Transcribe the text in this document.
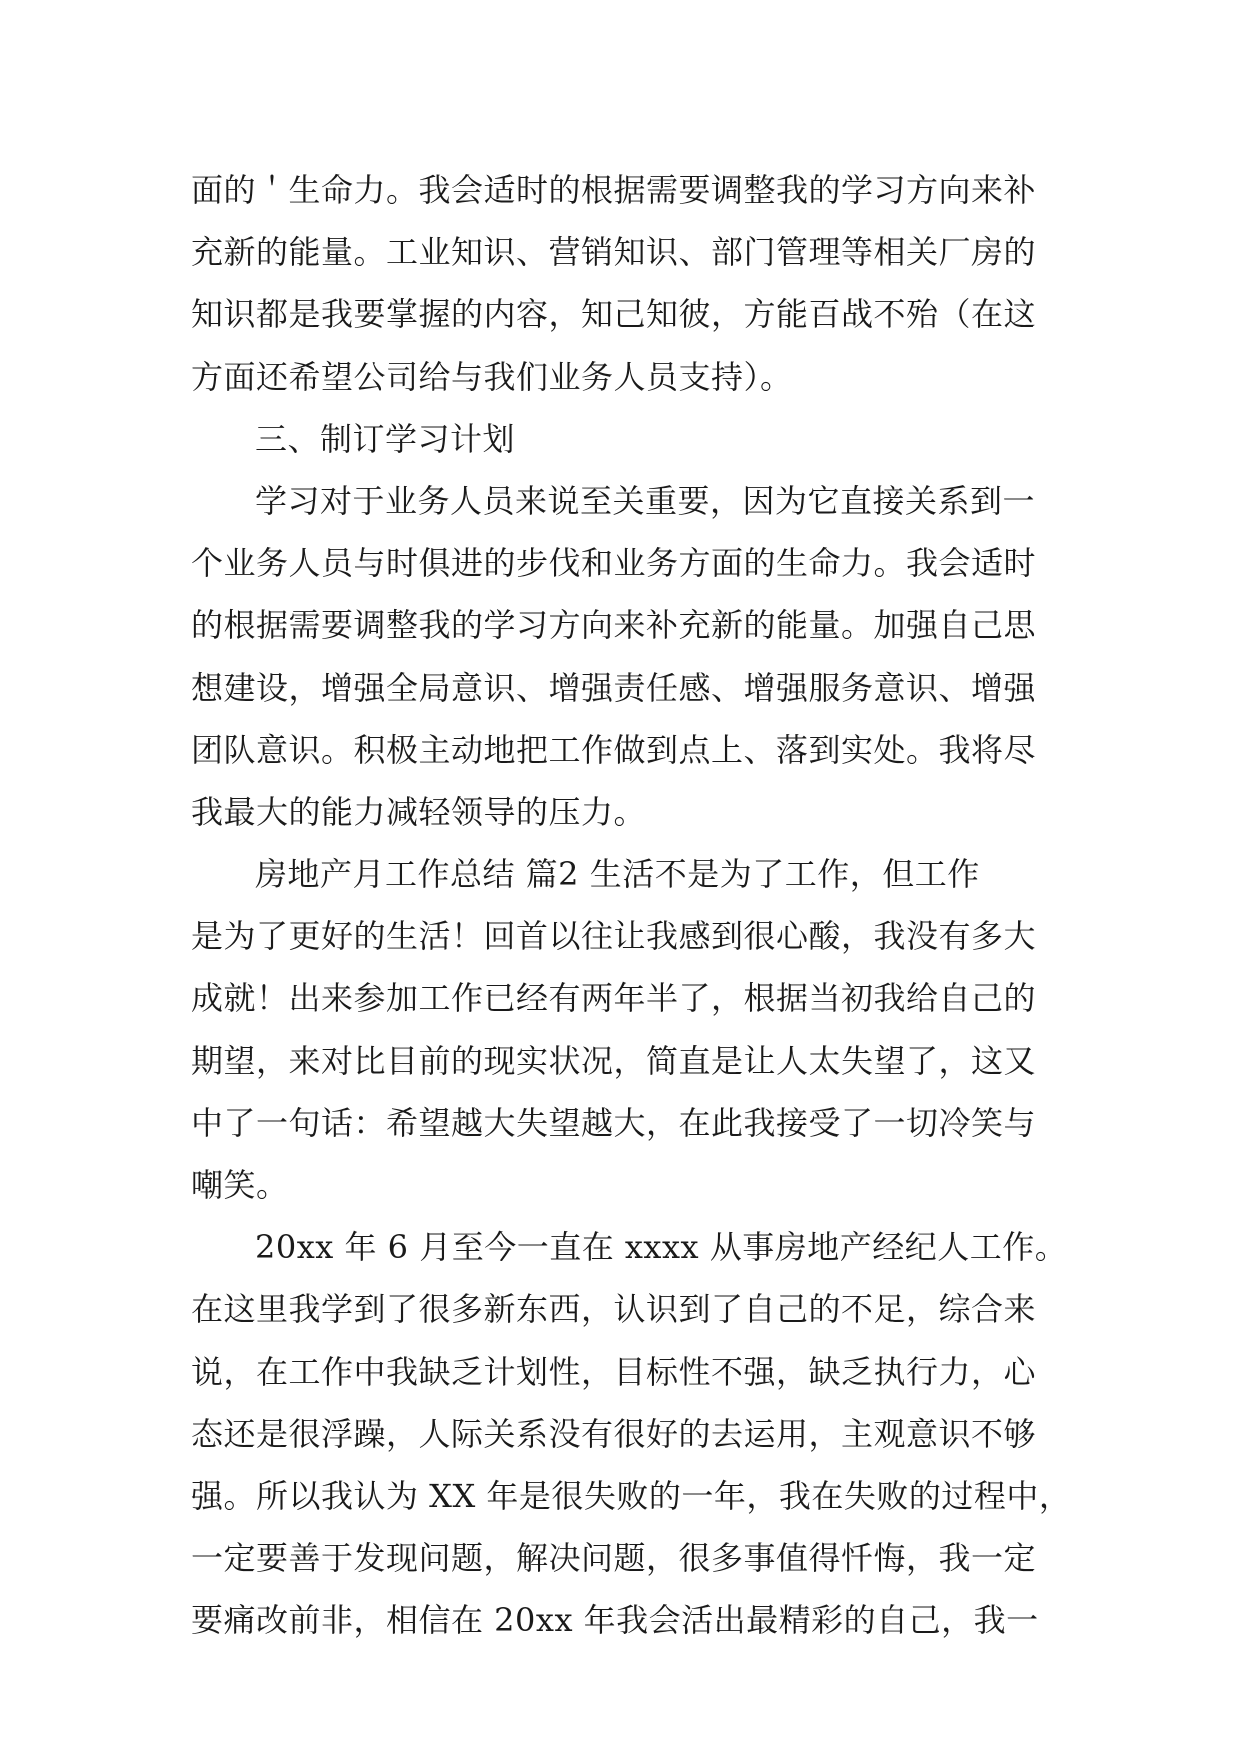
面的＇生命力。我会适时的根据需要调整我的学习方向来补
充新的能量。工业知识、营销知识、部门管理等相关厂房的
知识都是我要掌握的内容，知己知彼，方能百战不殆（在这
方面还希望公司给与我们业务人员支持）。
三、制订学习计划
学习对于业务人员来说至关重要，因为它直接关系到一
个业务人员与时俱进的步伐和业务方面的生命力。我会适时
的根据需要调整我的学习方向来补充新的能量。加强自己思
想建设，增强全局意识、增强责任感、增强服务意识、增强
团队意识。积极主动地把工作做到点上、落到实处。我将尽
我最大的能力减轻领导的压力。
房地产月工作总结 篇2 生活不是为了工作，但工作
是为了更好的生活！回首以往让我感到很心酸，我没有多大
成就！出来参加工作已经有两年半了，根据当初我给自己的
期望，来对比目前的现实状况，简直是让人太失望了，这又
中了一句话：希望越大失望越大，在此我接受了一切冷笑与
嘲笑。
20xx 年 6 月至今一直在 xxxx 从事房地产经纪人工作。
在这里我学到了很多新东西，认识到了自己的不足，综合来
说，在工作中我缺乏计划性，目标性不强，缺乏执行力，心
态还是很浮躁，人际关系没有很好的去运用，主观意识不够
强。所以我认为 XX 年是很失败的一年，我在失败的过程中，
一定要善于发现问题，解决问题，很多事值得忏悔，我一定
要痛改前非，相信在 20xx 年我会活出最精彩的自己，我一
